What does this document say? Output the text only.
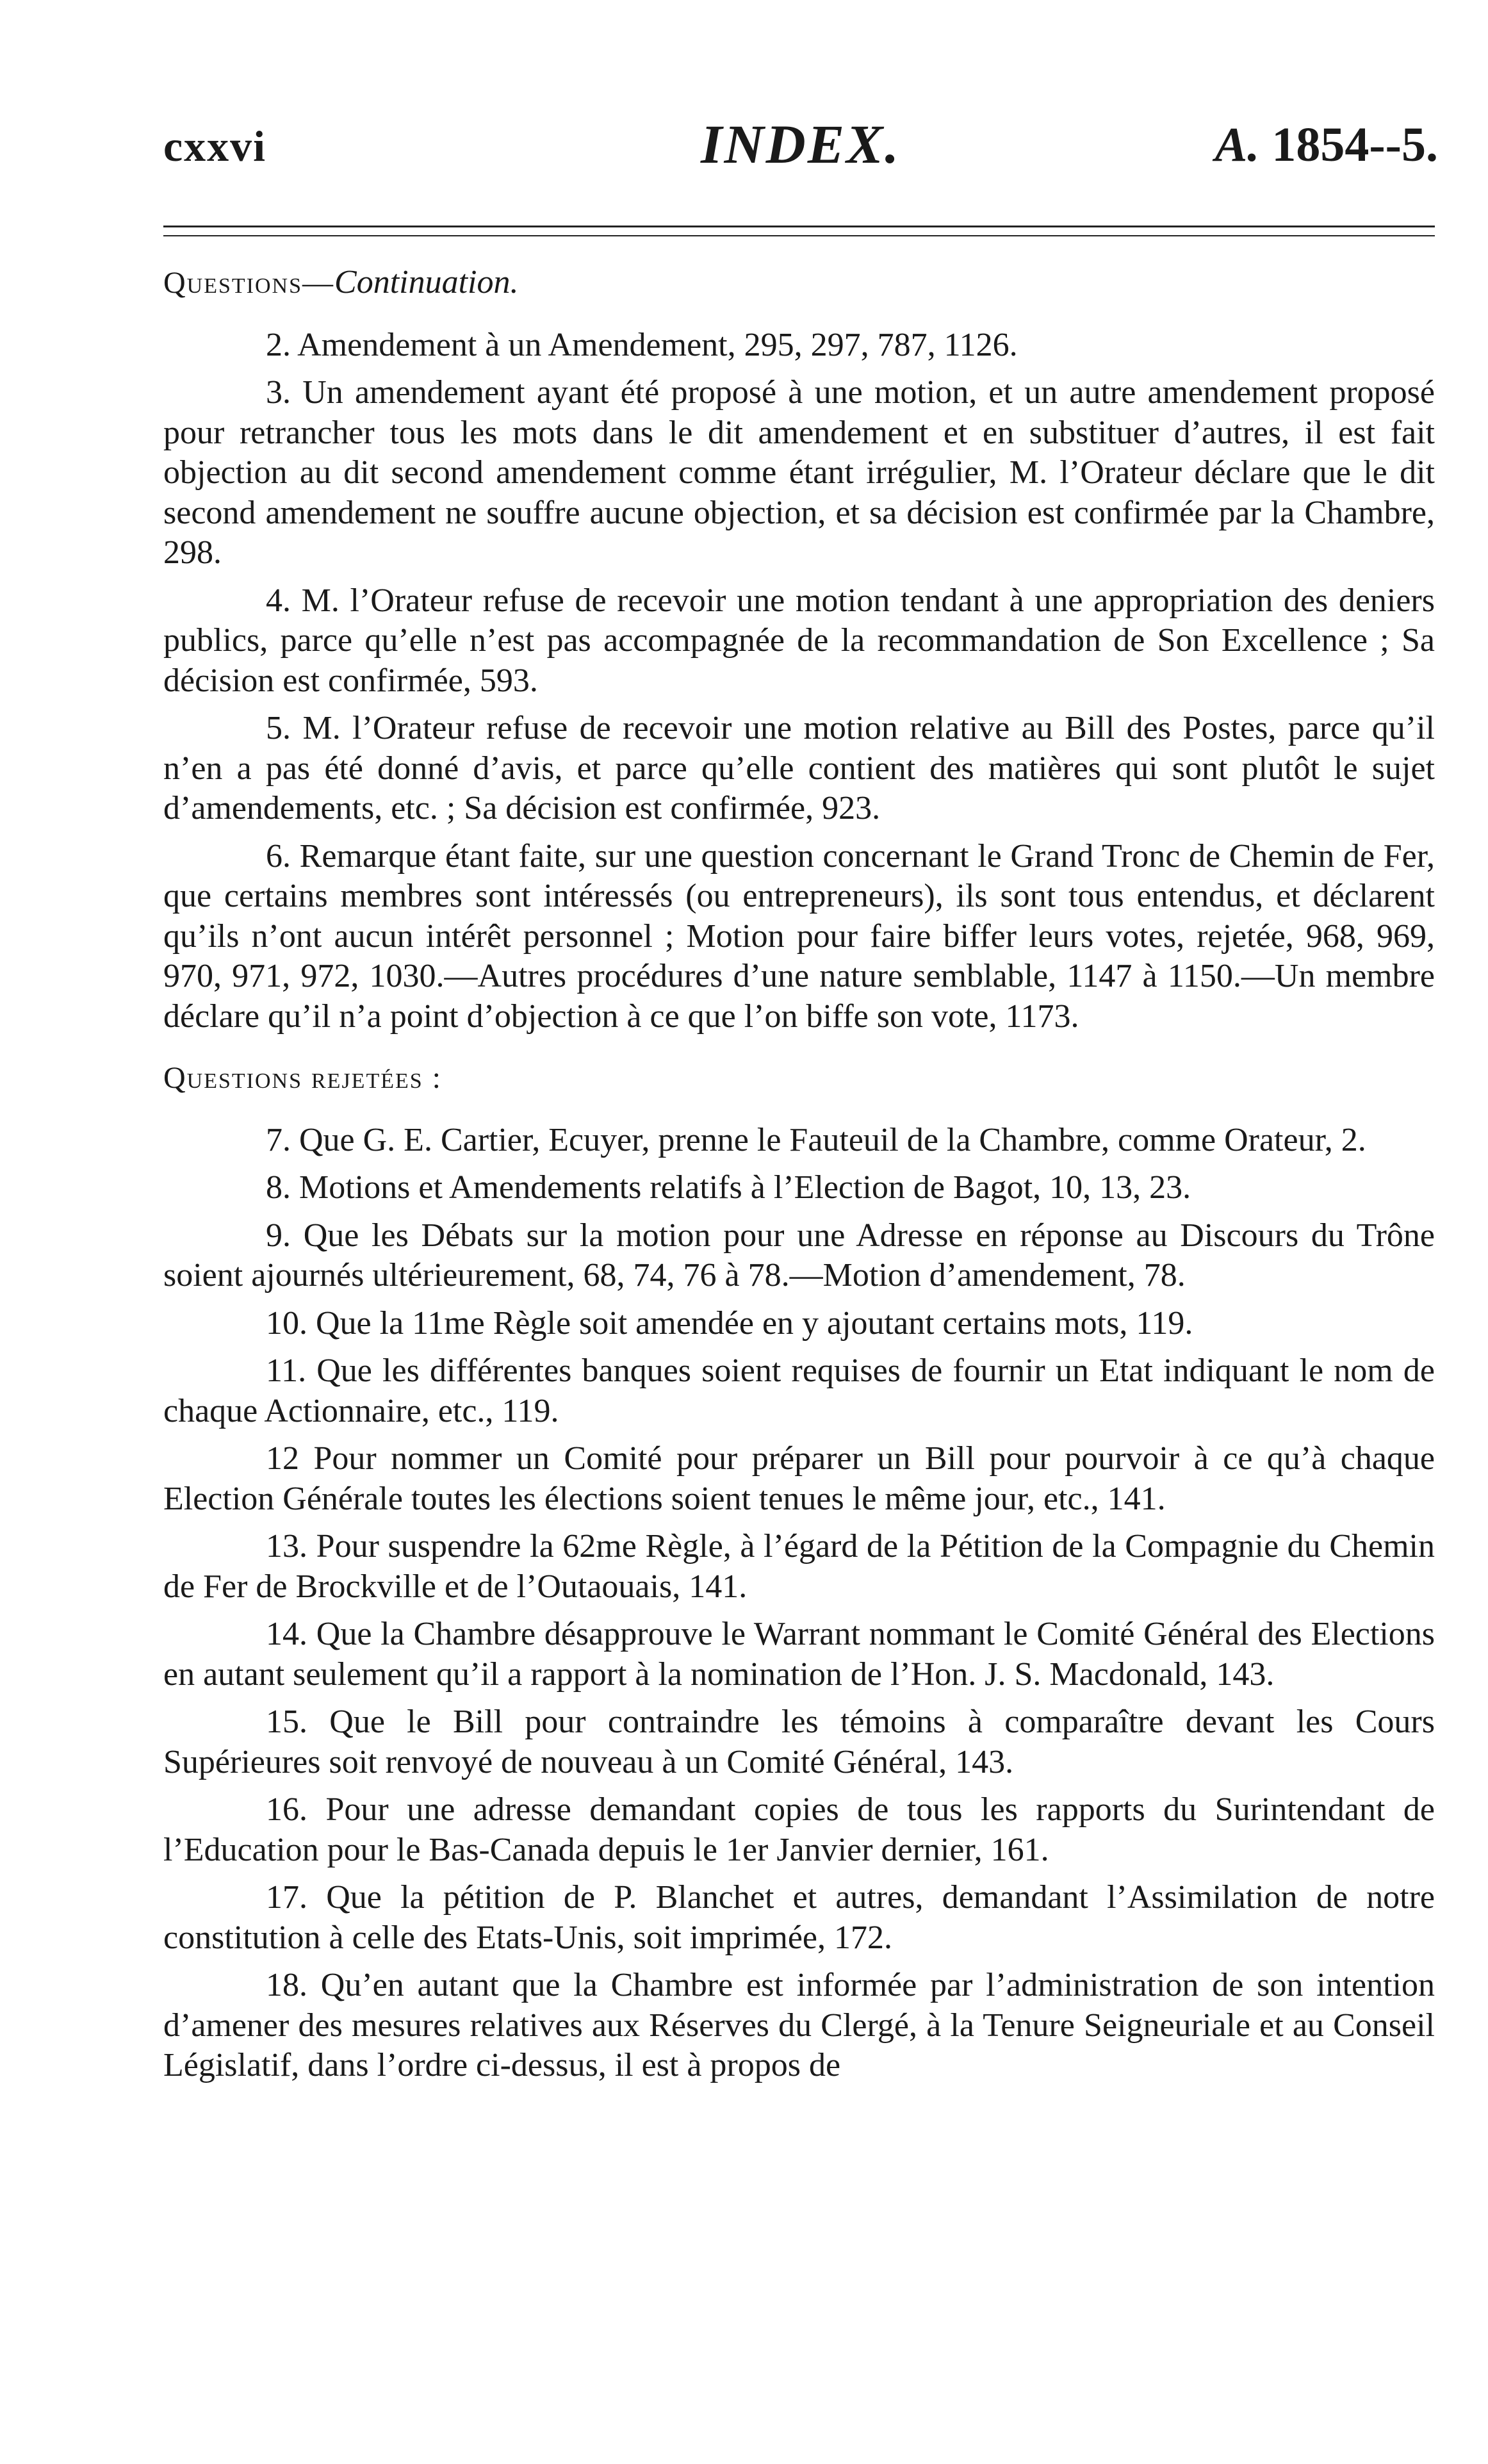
cxxvi	INDEX.	A. 1854--5.
Questions—Continuation.

2. Amendement à un Amendement, 295, 297, 787, 1126.

3. Un amendement ayant été proposé à une motion, et un autre amendement proposé pour retrancher tous les mots dans le dit amendement et en substituer d’autres, il est fait objection au dit second amendement comme étant irrégulier, M. l’Orateur déclare que le dit second amendement ne souffre aucune objection, et sa décision est confirmée par la Chambre, 298.

4. M. l’Orateur refuse de recevoir une motion tendant à une appropriation des deniers publics, parce qu’elle n’est pas accompagnée de la recommandation de Son Excellence ; Sa décision est confirmée, 593.

5. M. l’Orateur refuse de recevoir une motion relative au Bill des Postes, parce qu’il n’en a pas été donné d’avis, et parce qu’elle contient des matières qui sont plutôt le sujet d’amendements, etc. ; Sa décision est confirmée, 923.

6. Remarque étant faite, sur une question concernant le Grand Tronc de Chemin de Fer, que certains membres sont intéressés (ou entrepreneurs), ils sont tous entendus, et déclarent qu’ils n’ont aucun intérêt personnel ; Motion pour faire biffer leurs votes, rejetée, 968, 969, 970, 971, 972, 1030.—Autres procédures d’une nature semblable, 1147 à 1150.—Un membre déclare qu’il n’a point d’objection à ce que l’on biffe son vote, 1173.

Questions rejetées :

7. Que G. E. Cartier, Ecuyer, prenne le Fauteuil de la Chambre, comme Orateur, 2.

8. Motions et Amendements relatifs à l’Election de Bagot, 10, 13, 23.

9. Que les Débats sur la motion pour une Adresse en réponse au Discours du Trône soient ajournés ultérieurement, 68, 74, 76 à 78.—Motion d’amendement, 78.

10. Que la 11me Règle soit amendée en y ajoutant certains mots, 119.

11. Que les différentes banques soient requises de fournir un Etat indiquant le nom de chaque Actionnaire, etc., 119.

12 Pour nommer un Comité pour préparer un Bill pour pourvoir à ce qu’à chaque Election Générale toutes les élections soient tenues le même jour, etc., 141.

13. Pour suspendre la 62me Règle, à l’égard de la Pétition de la Compagnie du Chemin de Fer de Brockville et de l’Outaouais, 141.

14. Que la Chambre désapprouve le Warrant nommant le Comité Général des Elections en autant seulement qu’il a rapport à la nomination de l’Hon. J. S. Macdonald, 143.

15. Que le Bill pour contraindre les témoins à comparaître devant les Cours Supérieures soit renvoyé de nouveau à un Comité Général, 143.

16. Pour une adresse demandant copies de tous les rapports du Surintendant de l’Education pour le Bas-Canada depuis le 1er Janvier dernier, 161.

17. Que la pétition de P. Blanchet et autres, demandant l’Assimilation de notre constitution à celle des Etats-Unis, soit imprimée, 172.

18. Qu’en autant que la Chambre est informée par l’administration de son intention d’amener des mesures relatives aux Réserves du Clergé, à la Tenure Seigneuriale et au Conseil Législatif, dans l’ordre ci-dessus, il est à propos de
